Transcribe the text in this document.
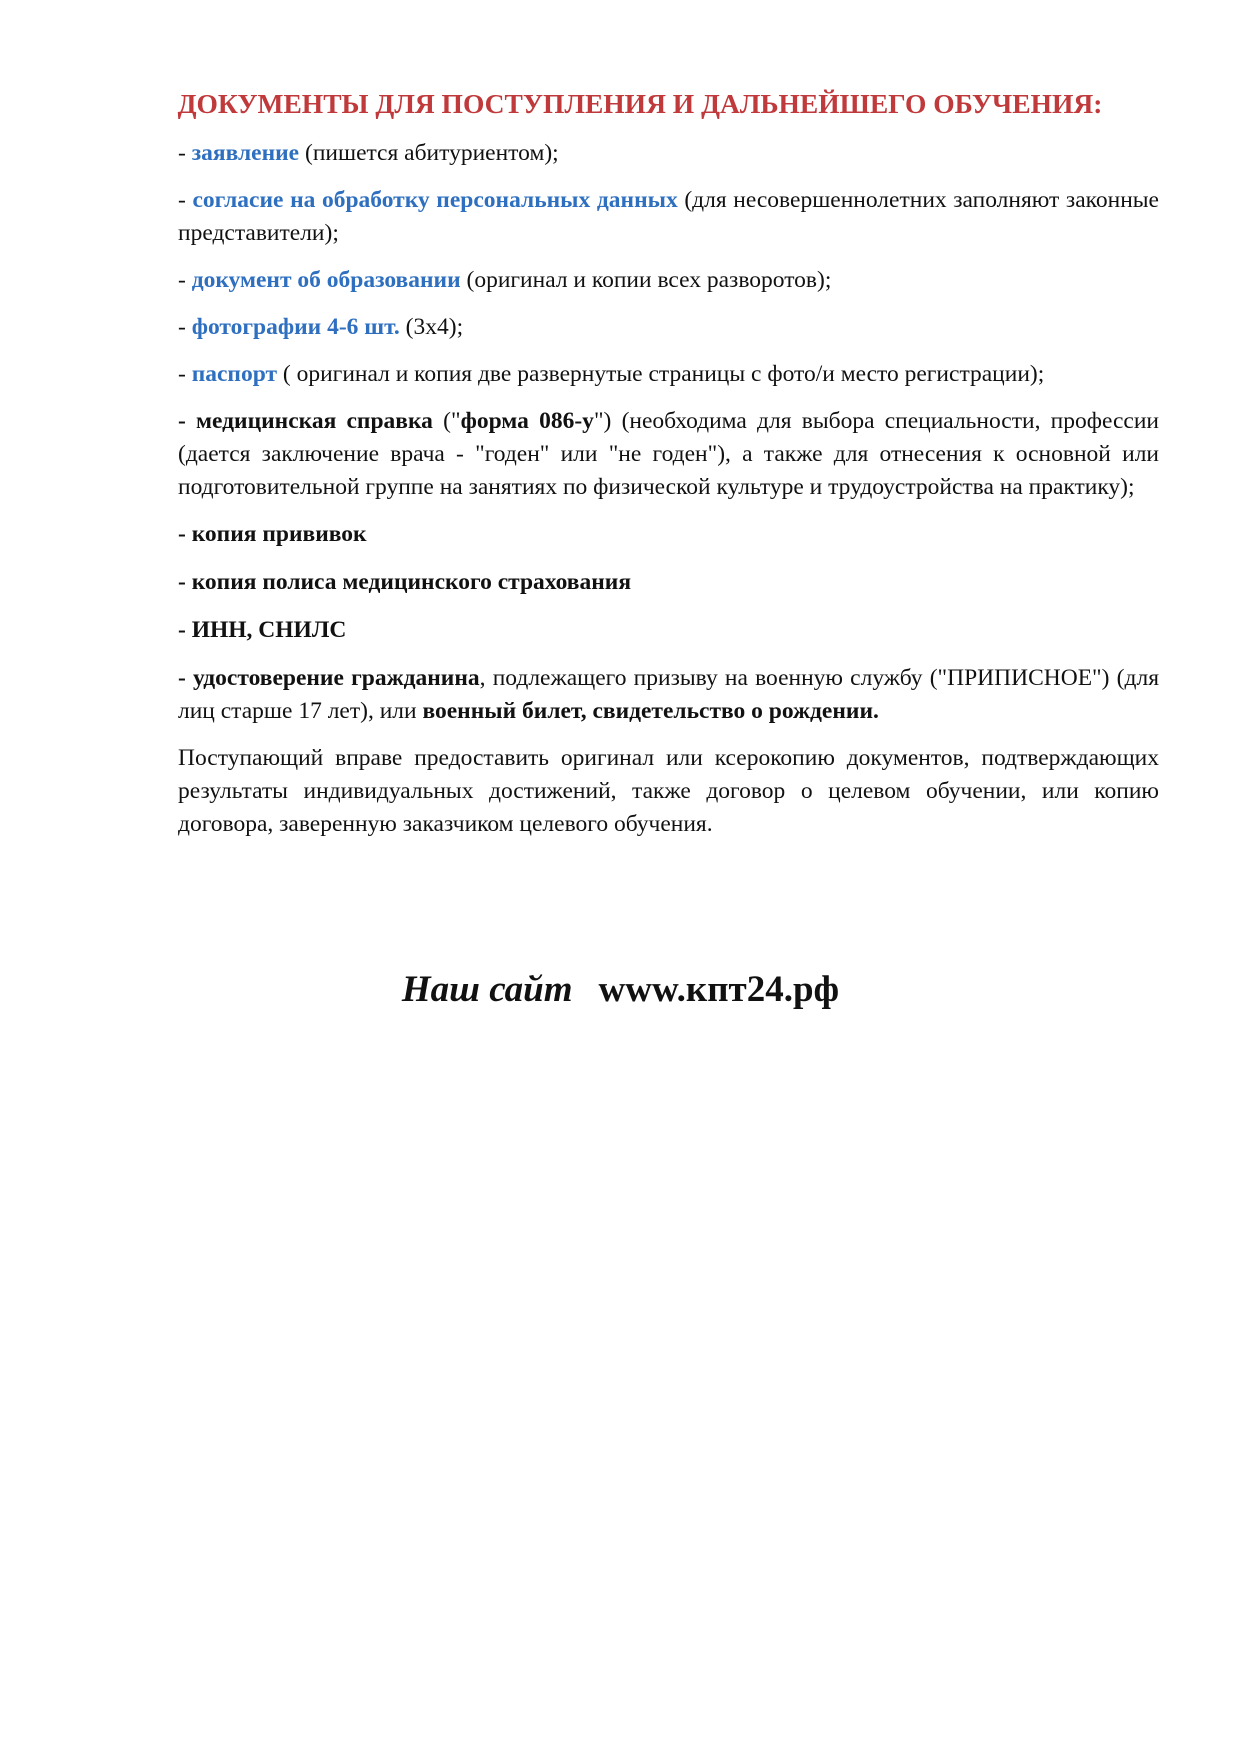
ДОКУМЕНТЫ ДЛЯ ПОСТУПЛЕНИЯ И ДАЛЬНЕЙШЕГО ОБУЧЕНИЯ:
- заявление (пишется абитуриентом);
- согласие на обработку персональных данных (для несовершеннолетних заполняют законные представители);
- документ об образовании (оригинал и копии всех разворотов);
- фотографии 4-6 шт. (3х4);
- паспорт ( оригинал и копия две развернутые страницы с фото/и место регистрации);
- медицинская справка ("форма 086-у") (необходима для выбора специальности, профессии (дается заключение врача - "годен" или "не годен"), а также для отнесения к основной или подготовительной группе на занятиях по физической культуре и трудоустройства на практику);
- копия прививок
- копия полиса медицинского страхования
- ИНН, СНИЛС
- удостоверение гражданина, подлежащего призыву на военную службу ("ПРИПИСНОЕ") (для лиц старше 17 лет), или военный билет, свидетельство о рождении.
Поступающий вправе предоставить оригинал или ксерокопию документов, подтверждающих результаты индивидуальных достижений, также договор о целевом обучении, или копию договора, заверенную заказчиком целевого обучения.
Наш сайт www.кпт24.рф
